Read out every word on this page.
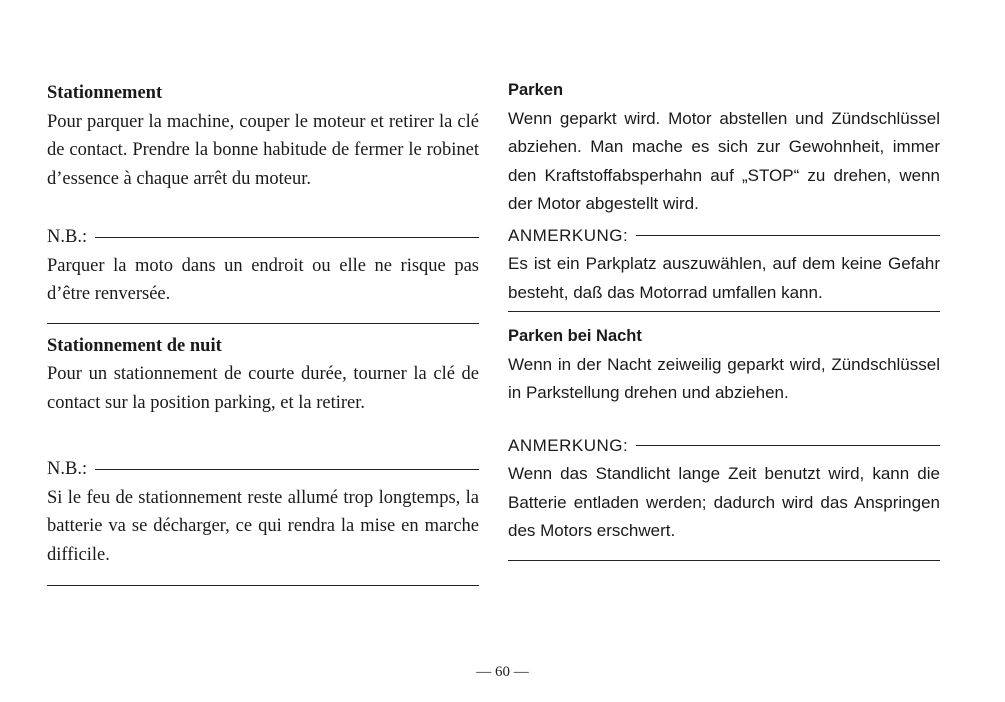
Stationnement

Pour parquer la machine, couper le moteur et retirer la clé de contact. Prendre la bonne habitude de fermer le robinet d’essence à chaque arrêt du moteur.

N.B.:

Parquer la moto dans un endroit ou elle ne risque pas d’être renversée.

Stationnement de nuit

Pour un stationnement de courte durée, tourner la clé de contact sur la position parking, et la retirer.

N.B.:

Si le feu de stationnement reste allumé trop longtemps, la batterie va se décharger, ce qui rendra la mise en marche difficile.

Parken

Wenn geparkt wird. Motor abstellen und Zündschlüssel abziehen. Man mache es sich zur Gewohnheit, immer den Kraftstoffabsperhahn auf „STOP“ zu drehen, wenn der Motor abgestellt wird.

ANMERKUNG:

Es ist ein Parkplatz auszuwählen, auf dem keine Gefahr besteht, daß das Motorrad umfallen kann.

Parken bei Nacht

Wenn in der Nacht zeiweilig geparkt wird, Zündschlüssel in Parkstellung drehen und abziehen.

ANMERKUNG:

Wenn das Standlicht lange Zeit benutzt wird, kann die Batterie entladen werden; dadurch wird das Anspringen des Motors erschwert.

— 60 —
